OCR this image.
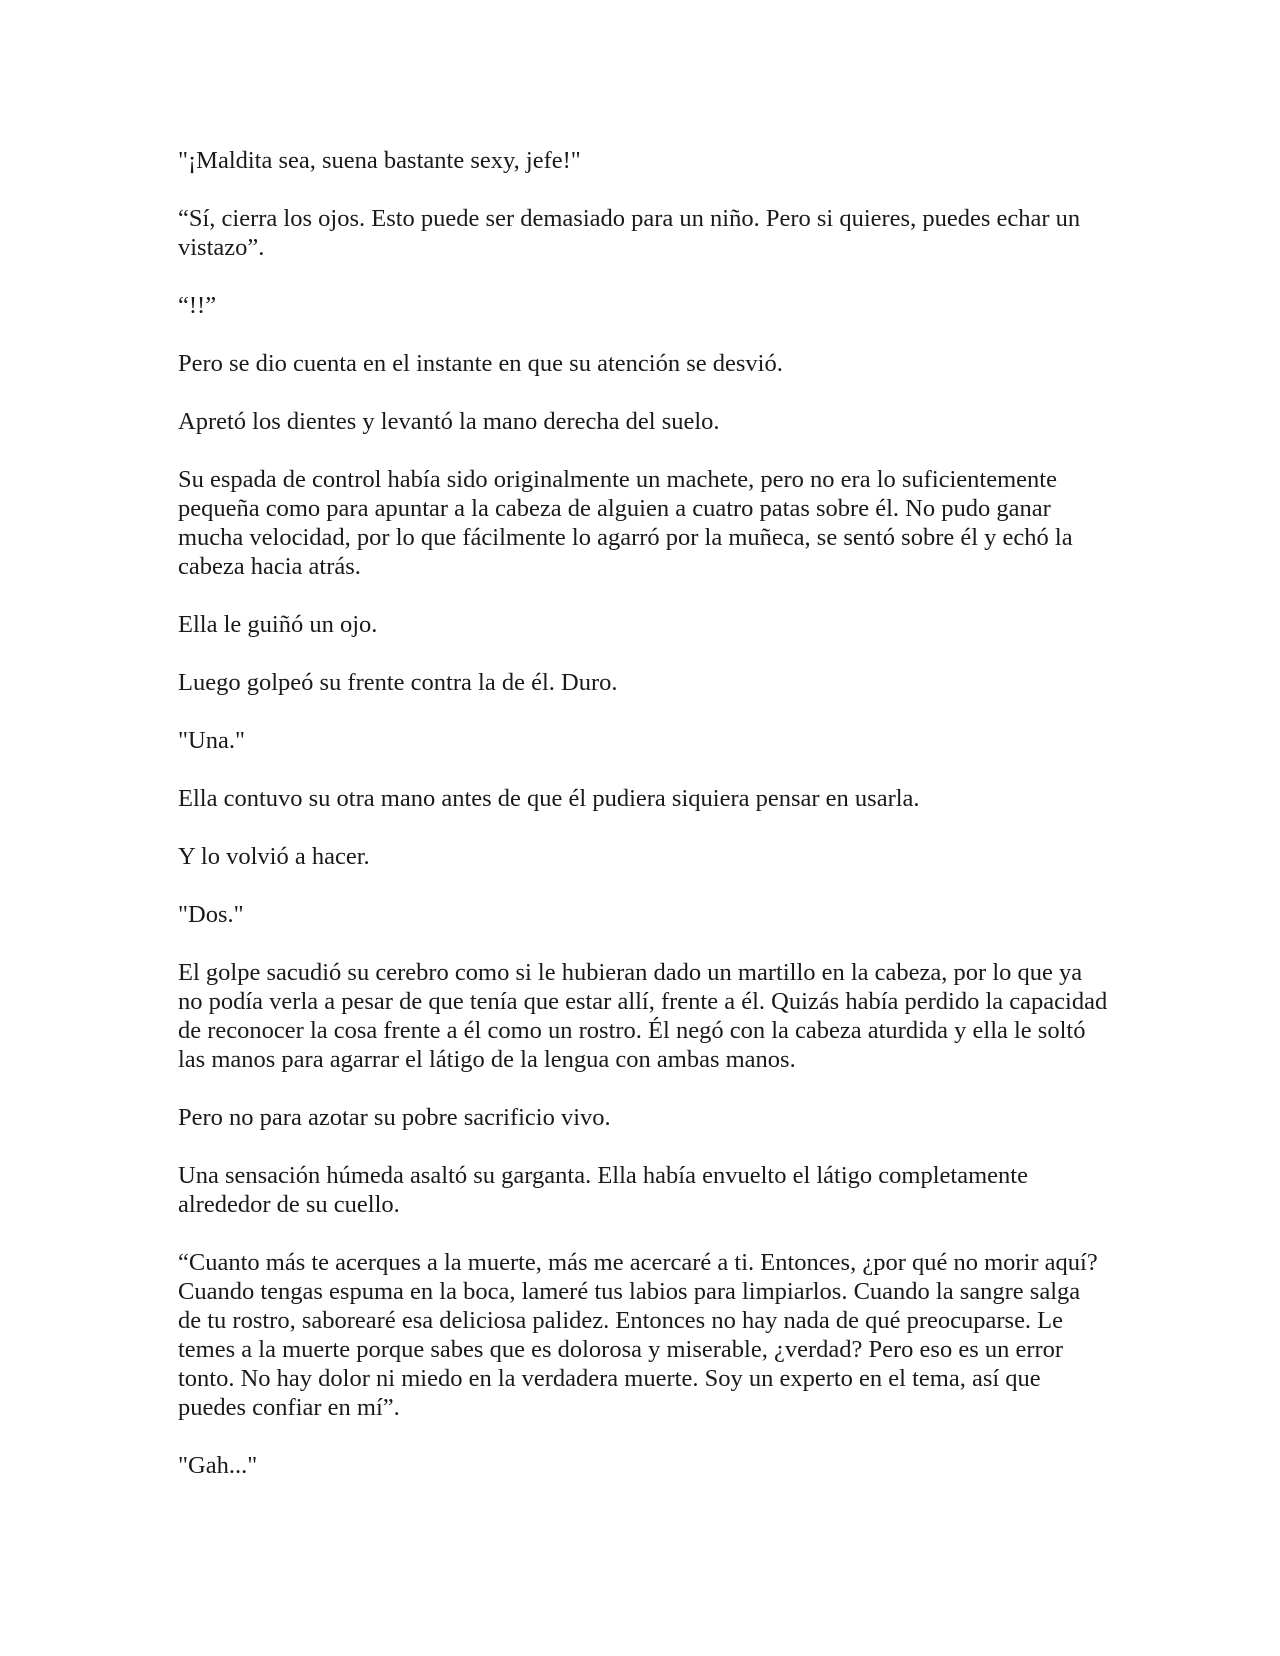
"¡Maldita sea, suena bastante sexy, jefe!"

“Sí, cierra los ojos. Esto puede ser demasiado para un niño. Pero si quieres, puedes echar un vistazo”.

“!!”

Pero se dio cuenta en el instante en que su atención se desvió.

Apretó los dientes y levantó la mano derecha del suelo.

Su espada de control había sido originalmente un machete, pero no era lo suficientemente pequeña como para apuntar a la cabeza de alguien a cuatro patas sobre él. No pudo ganar mucha velocidad, por lo que fácilmente lo agarró por la muñeca, se sentó sobre él y echó la cabeza hacia atrás.

Ella le guiñó un ojo.

Luego golpeó su frente contra la de él. Duro.

"Una."

Ella contuvo su otra mano antes de que él pudiera siquiera pensar en usarla.

Y lo volvió a hacer.

"Dos."

El golpe sacudió su cerebro como si le hubieran dado un martillo en la cabeza, por lo que ya no podía verla a pesar de que tenía que estar allí, frente a él. Quizás había perdido la capacidad de reconocer la cosa frente a él como un rostro. Él negó con la cabeza aturdida y ella le soltó las manos para agarrar el látigo de la lengua con ambas manos.

Pero no para azotar su pobre sacrificio vivo.

Una sensación húmeda asaltó su garganta. Ella había envuelto el látigo completamente alrededor de su cuello.

“Cuanto más te acerques a la muerte, más me acercaré a ti. Entonces, ¿por qué no morir aquí? Cuando tengas espuma en la boca, lameré tus labios para limpiarlos. Cuando la sangre salga de tu rostro, saborearé esa deliciosa palidez. Entonces no hay nada de qué preocuparse. Le temes a la muerte porque sabes que es dolorosa y miserable, ¿verdad? Pero eso es un error tonto. No hay dolor ni miedo en la verdadera muerte. Soy un experto en el tema, así que puedes confiar en mí”.

"Gah..."
